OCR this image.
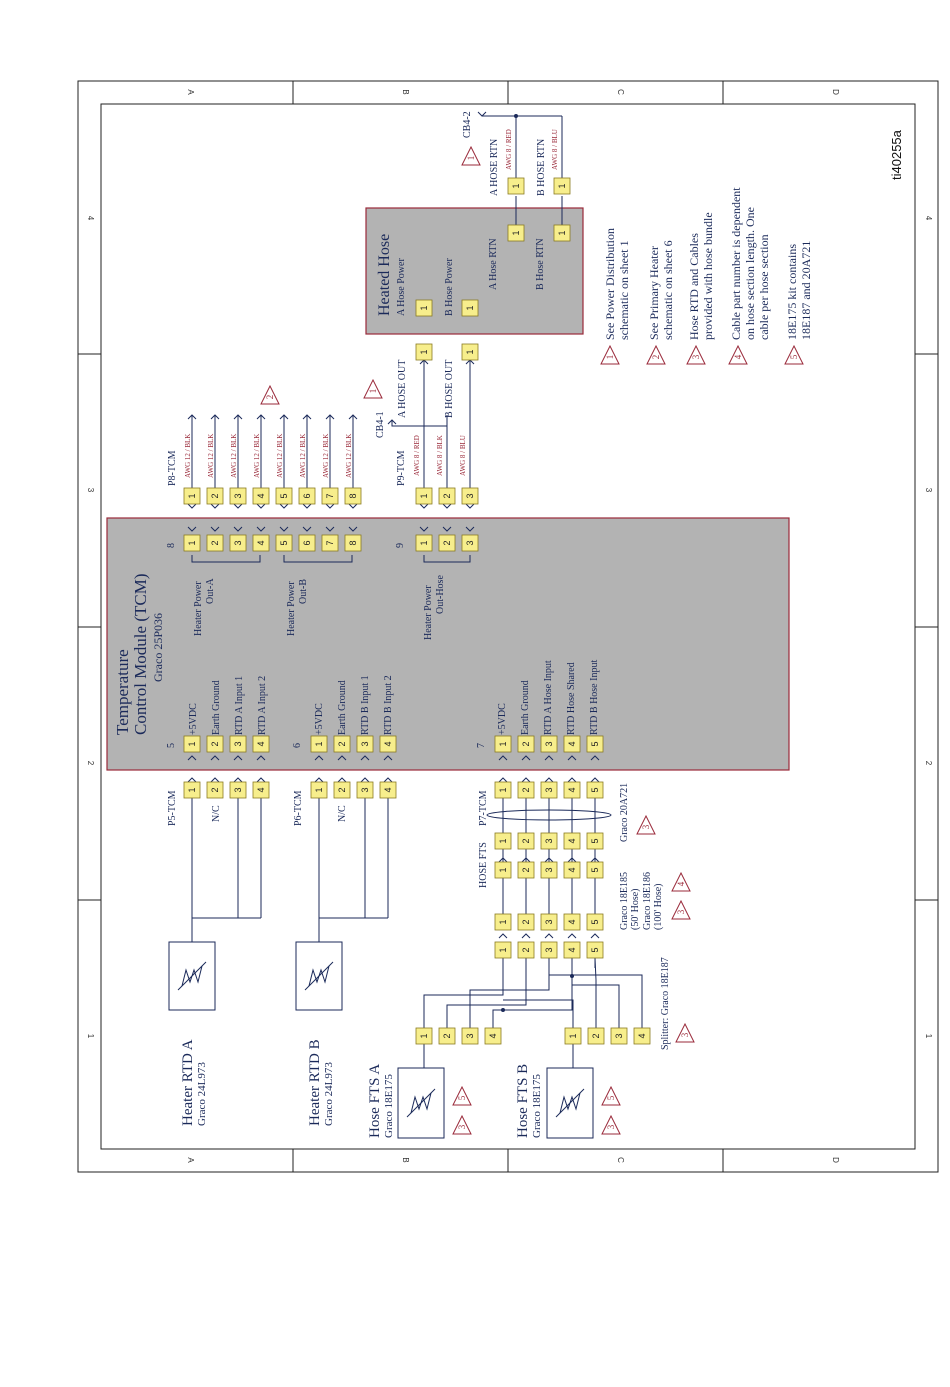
A	B	C	D
A	B	C	D
4
3
2
1
4
3
2
1
ti40255a
Temperature Control Module (TCM) Graco 25P036
Heated Hose A Hose Power	B Hose Power	A Hose RTN	B Hose RTN
+5VDC Earth Ground RTD A Input 1 RTD A Input 2	+5VDC Earth Ground RTD B Input 1 RTD B Input 2	+5VDC Earth Ground RTD A Hose Input RTD Hose Shared RTD B Hose Input
Heater Power Out-A	Heater Power Out-B	Heater Power Out-Hose
5	6	7
8	9
P5-TCM	P6-TCM	P7-TCM
P8-TCM	P9-TCM
N/C	N/C
HOSE FTS
A HOSE OUT	B HOSE OUT
A HOSE RTN	B HOSE RTN
CB4-1
CB4-2
AWG 12 / BLK AWG 12 / BLK AWG 12 / BLK AWG 12 / BLK AWG 12 / BLK AWG 12 / BLK AWG 12 / BLK AWG 12 / BLK	AWG 8 / RED AWG 8 / BLK AWG 8 / BLU
AWG 8 / RED	AWG 8 / BLU
Heater RTD A Graco 24L973	Heater RTD B Graco 24L973 Hose FTS A Graco 18E175	Hose FTS B Graco 18E175
Splitter: Graco 18E187
Graco 18E185 (50' Hose) Graco 18E186 (100' Hose)
Graco 20A721
1 2 3 4	1 2 3 4	1 2 3 4 5
1 2 3 4 5 6 7 8	1 2 3
1 2 3 4	1 2 3 4	1 2 3 4 5
1 2 3 4 5 6 7 8	1 2 3
1 2 3 4 5
1 2 3 4 5
1 2 3 4 5
1 2 3 4 5
1 2 3 4	1 2 3 4
1	1
1	1
1	1
1	1
1
1
2
3
4
3
3
5
3
5
3
1	2	3	4	5
See Power Distribution schematic on sheet 1 See Primary Heater schematic on sheet 6 Hose RTD and Cables provided with hose bundle Cable part number is dependent on hose section length. One cable per hose section 18E175 kit contains 18E187 and 20A721
